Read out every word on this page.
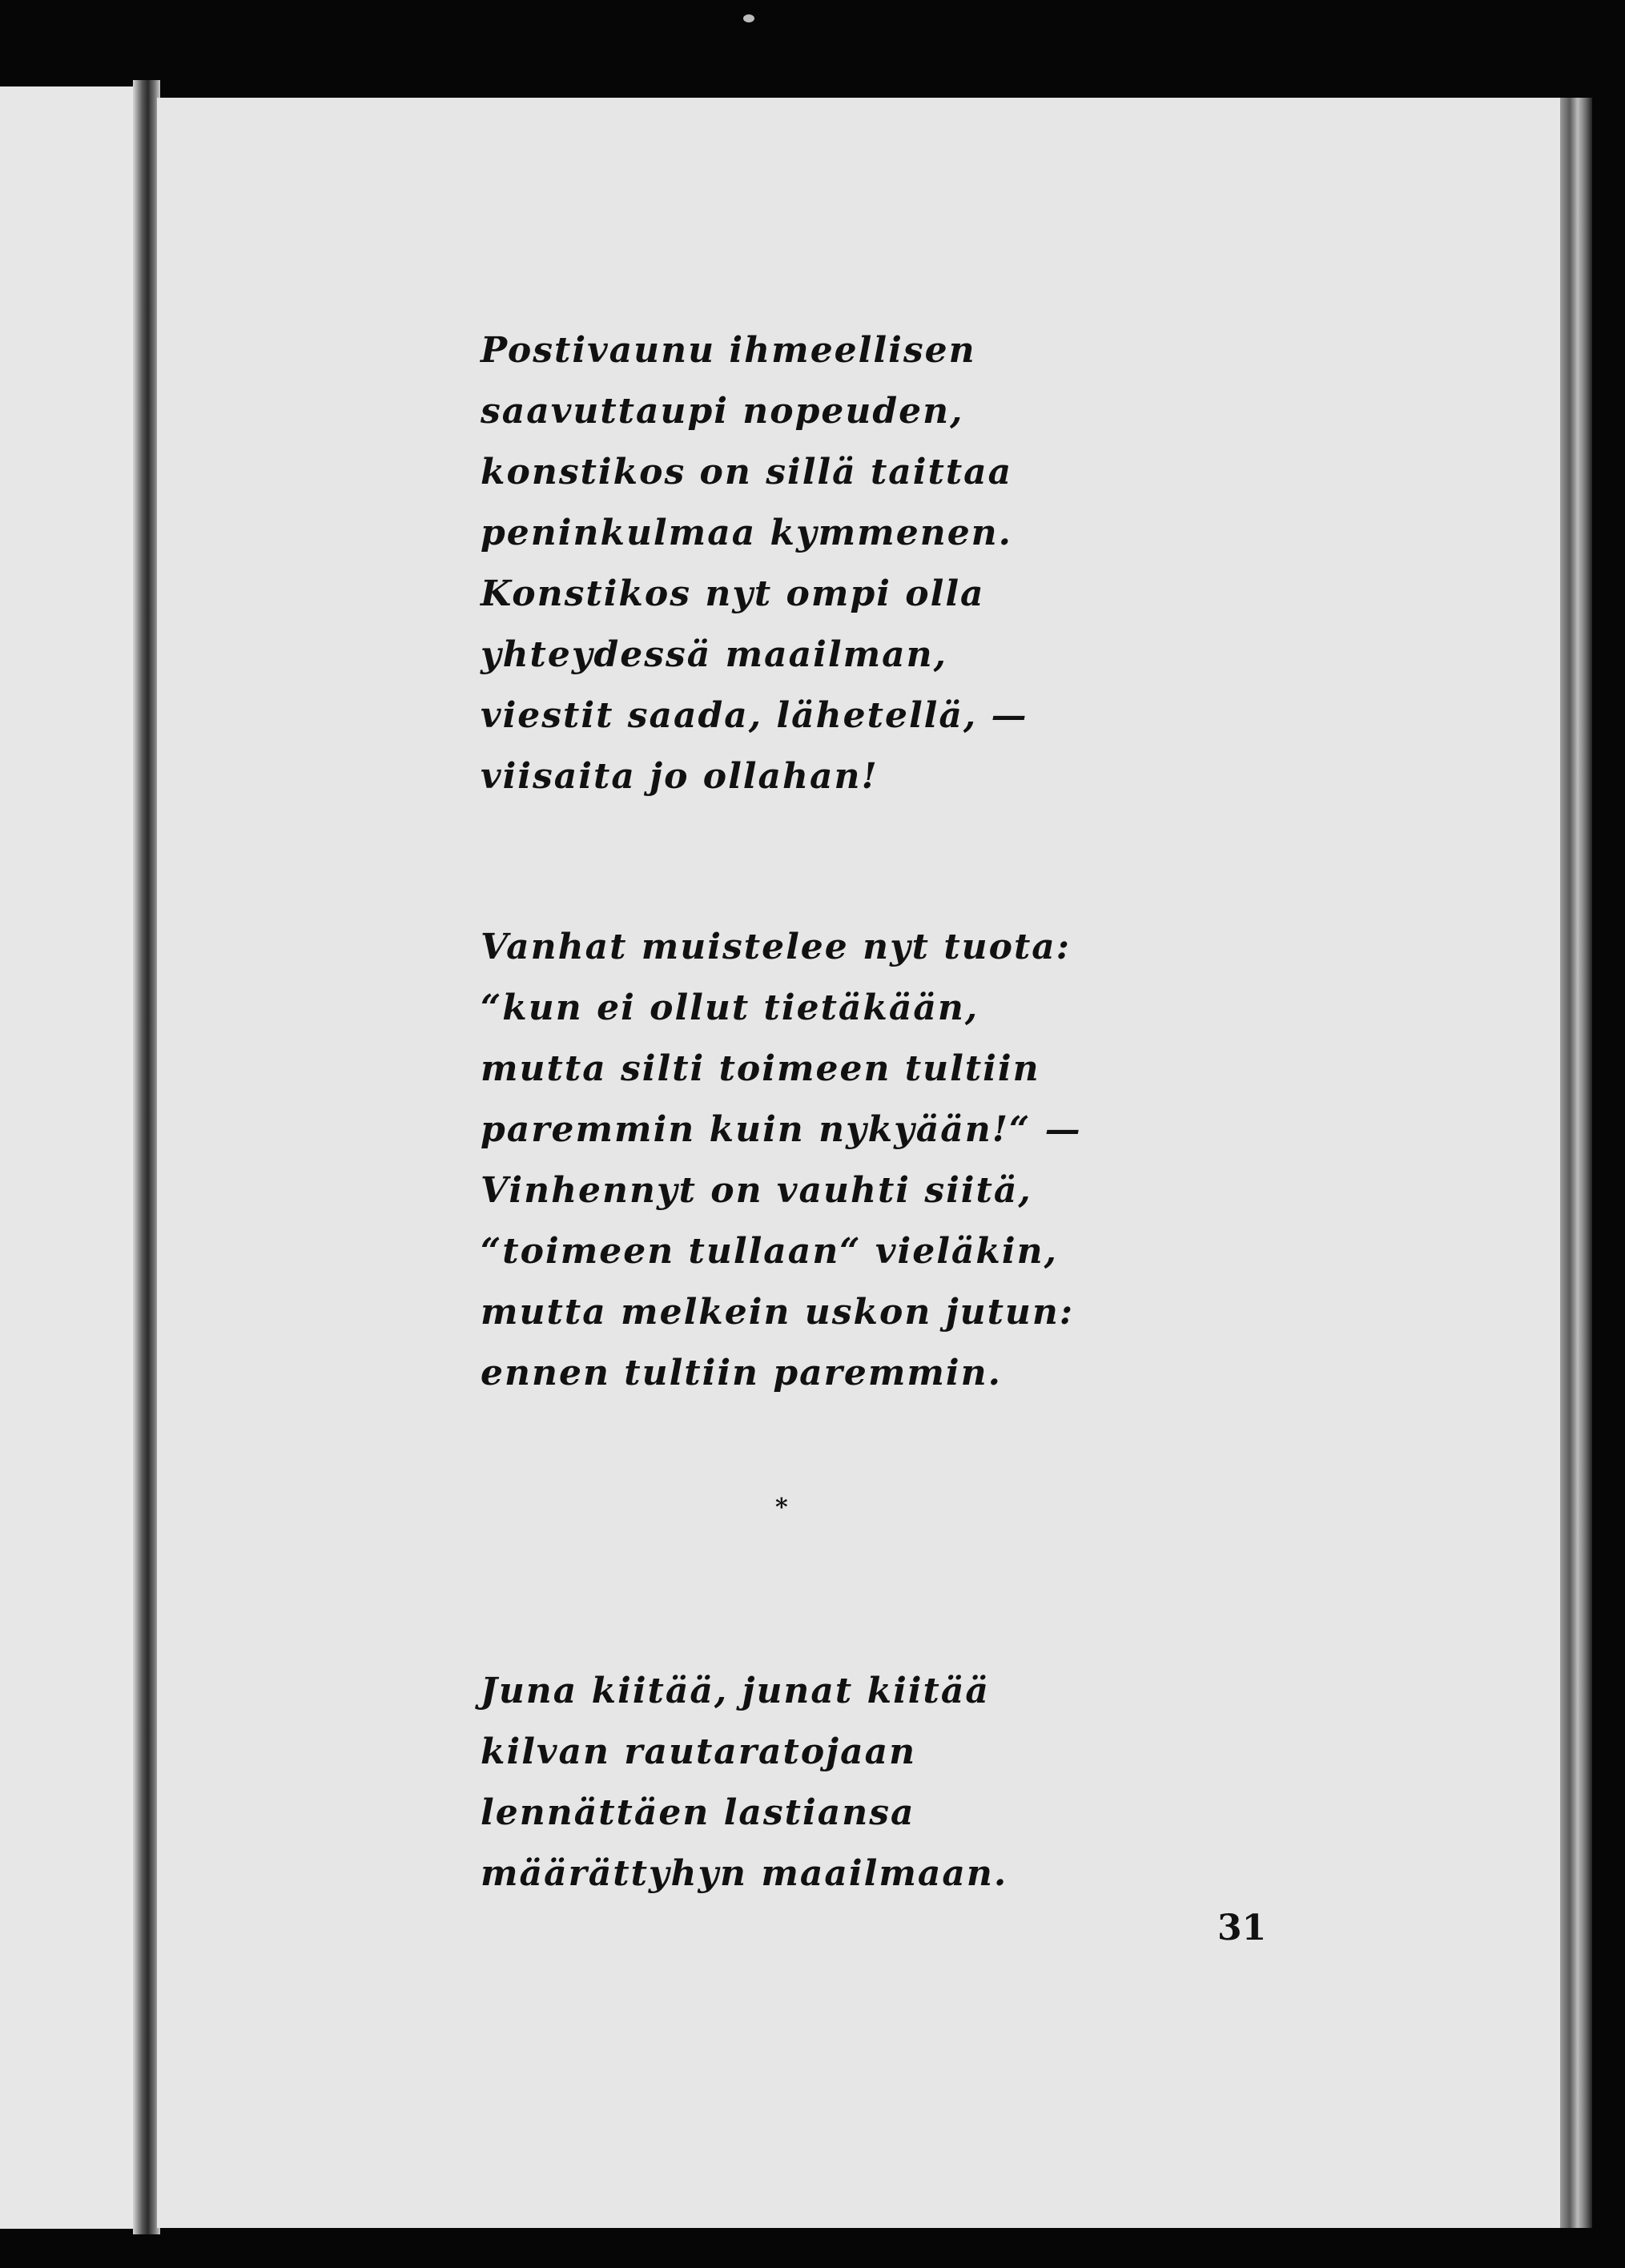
Postivaunu ihmeellisen
saavuttaupi nopeuden,
konstikos on sillä taittaa
peninkulmaa kymmenen.
Konstikos nyt ompi olla
yhteydessä maailman,
viestit saada, lähetellä, —
viisaita jo ollahan!

Vanhat muistelee nyt tuota:
“kun ei ollut tietäkään,
mutta silti toimeen tultiin
paremmin kuin nykyään!“ —
Vinhennyt on vauhti siitä,
“toimeen tullaan“ vieläkin,
mutta melkein uskon jutun:
ennen tultiin paremmin.

*

Juna kiitää, junat kiitää
kilvan rautaratojaan
lennättäen lastiansa
määrättyhyn maailmaan.

31
